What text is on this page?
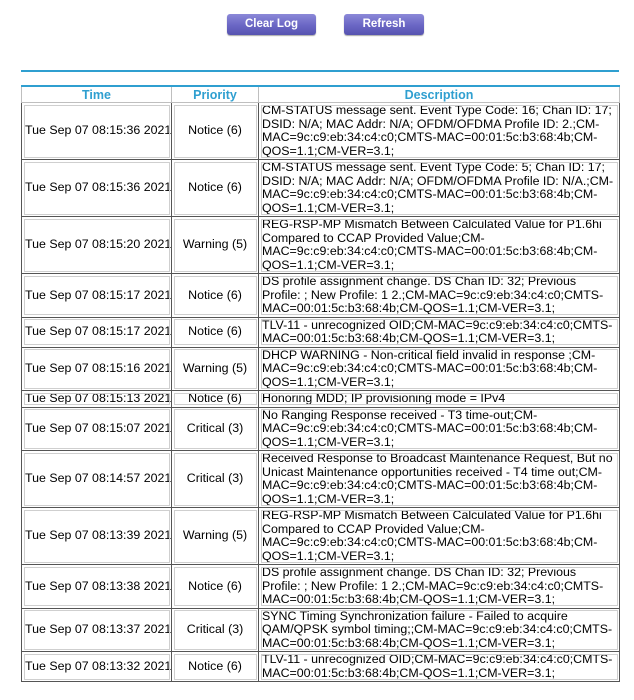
Clear Log	Refresh
Time	Priority	Description
Tue Sep 07 08:15:36 2021	Notice (6)	CM-STATUS message sent. Event Type Code: 16; Chan ID: 17; DSID: N/A; MAC Addr: N/A; OFDM/OFDMA Profile ID: 2.;CM-MAC=9c:c9:eb:34:c4:c0;CMTS-MAC=00:01:5c:b3:68:4b;CM-QOS=1.1;CM-VER=3.1;
Tue Sep 07 08:15:36 2021	Notice (6)	CM-STATUS message sent. Event Type Code: 5; Chan ID: 17; DSID: N/A; MAC Addr: N/A; OFDM/OFDMA Profile ID: N/A.;CM-MAC=9c:c9:eb:34:c4:c0;CMTS-MAC=00:01:5c:b3:68:4b;CM-QOS=1.1;CM-VER=3.1;
Tue Sep 07 08:15:20 2021	Warning (5)	REG-RSP-MP Mismatch Between Calculated Value for P1.6hi Compared to CCAP Provided Value;CM-MAC=9c:c9:eb:34:c4:c0;CMTS-MAC=00:01:5c:b3:68:4b;CM-QOS=1.1;CM-VER=3.1;
Tue Sep 07 08:15:17 2021	Notice (6)	DS profile assignment change. DS Chan ID: 32; Previous Profile: ; New Profile: 1 2.;CM-MAC=9c:c9:eb:34:c4:c0;CMTS-MAC=00:01:5c:b3:68:4b;CM-QOS=1.1;CM-VER=3.1;
Tue Sep 07 08:15:17 2021	Notice (6)	TLV-11 - unrecognized OID;CM-MAC=9c:c9:eb:34:c4:c0;CMTS-MAC=00:01:5c:b3:68:4b;CM-QOS=1.1;CM-VER=3.1;
Tue Sep 07 08:15:16 2021	Warning (5)	DHCP WARNING - Non-critical field invalid in response ;CM-MAC=9c:c9:eb:34:c4:c0;CMTS-MAC=00:01:5c:b3:68:4b;CM-QOS=1.1;CM-VER=3.1;
Tue Sep 07 08:15:13 2021	Notice (6)	Honoring MDD; IP provisioning mode = IPv4
Tue Sep 07 08:15:07 2021	Critical (3)	No Ranging Response received - T3 time-out;CM-MAC=9c:c9:eb:34:c4:c0;CMTS-MAC=00:01:5c:b3:68:4b;CM-QOS=1.1;CM-VER=3.1;
Tue Sep 07 08:14:57 2021	Critical (3)	Received Response to Broadcast Maintenance Request, But no Unicast Maintenance opportunities received - T4 time out;CM-MAC=9c:c9:eb:34:c4:c0;CMTS-MAC=00:01:5c:b3:68:4b;CM-QOS=1.1;CM-VER=3.1;
Tue Sep 07 08:13:39 2021	Warning (5)	REG-RSP-MP Mismatch Between Calculated Value for P1.6hi Compared to CCAP Provided Value;CM-MAC=9c:c9:eb:34:c4:c0;CMTS-MAC=00:01:5c:b3:68:4b;CM-QOS=1.1;CM-VER=3.1;
Tue Sep 07 08:13:38 2021	Notice (6)	DS profile assignment change. DS Chan ID: 32; Previous Profile: ; New Profile: 1 2.;CM-MAC=9c:c9:eb:34:c4:c0;CMTS-MAC=00:01:5c:b3:68:4b;CM-QOS=1.1;CM-VER=3.1;
Tue Sep 07 08:13:37 2021	Critical (3)	SYNC Timing Synchronization failure - Failed to acquire QAM/QPSK symbol timing;;CM-MAC=9c:c9:eb:34:c4:c0;CMTS-MAC=00:01:5c:b3:68:4b;CM-QOS=1.1;CM-VER=3.1;
Tue Sep 07 08:13:32 2021	Notice (6)	TLV-11 - unrecognized OID;CM-MAC=9c:c9:eb:34:c4:c0;CMTS-MAC=00:01:5c:b3:68:4b;CM-QOS=1.1;CM-VER=3.1;
